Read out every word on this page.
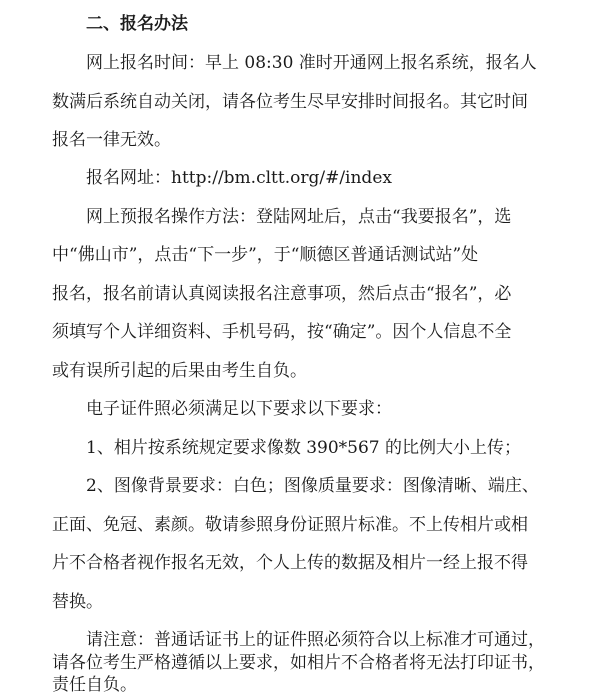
二、报名办法
网上报名时间：早上 08:30 准时开通网上报名系统，报名人
数满后系统自动关闭，请各位考生尽早安排时间报名。其它时间
报名一律无效。
报名网址：http://bm.cltt.org/#/index
网上预报名操作方法：登陆网址后，点击“我要报名”，选
中“佛山市”，点击“下一步”，于“顺德区普通话测试站”处
报名，报名前请认真阅读报名注意事项，然后点击“报名”，必
须填写个人详细资料、手机号码，按“确定”。因个人信息不全
或有误所引起的后果由考生自负。
电子证件照必须满足以下要求以下要求：
1、相片按系统规定要求像数 390*567 的比例大小上传；
2、图像背景要求：白色；图像质量要求：图像清晰、端庄、
正面、免冠、素颜。敬请参照身份证照片标准。不上传相片或相
片不合格者视作报名无效，个人上传的数据及相片一经上报不得
替换。
请注意：普通话证书上的证件照必须符合以上标准才可通过，
请各位考生严格遵循以上要求，如相片不合格者将无法打印证书，
责任自负。
